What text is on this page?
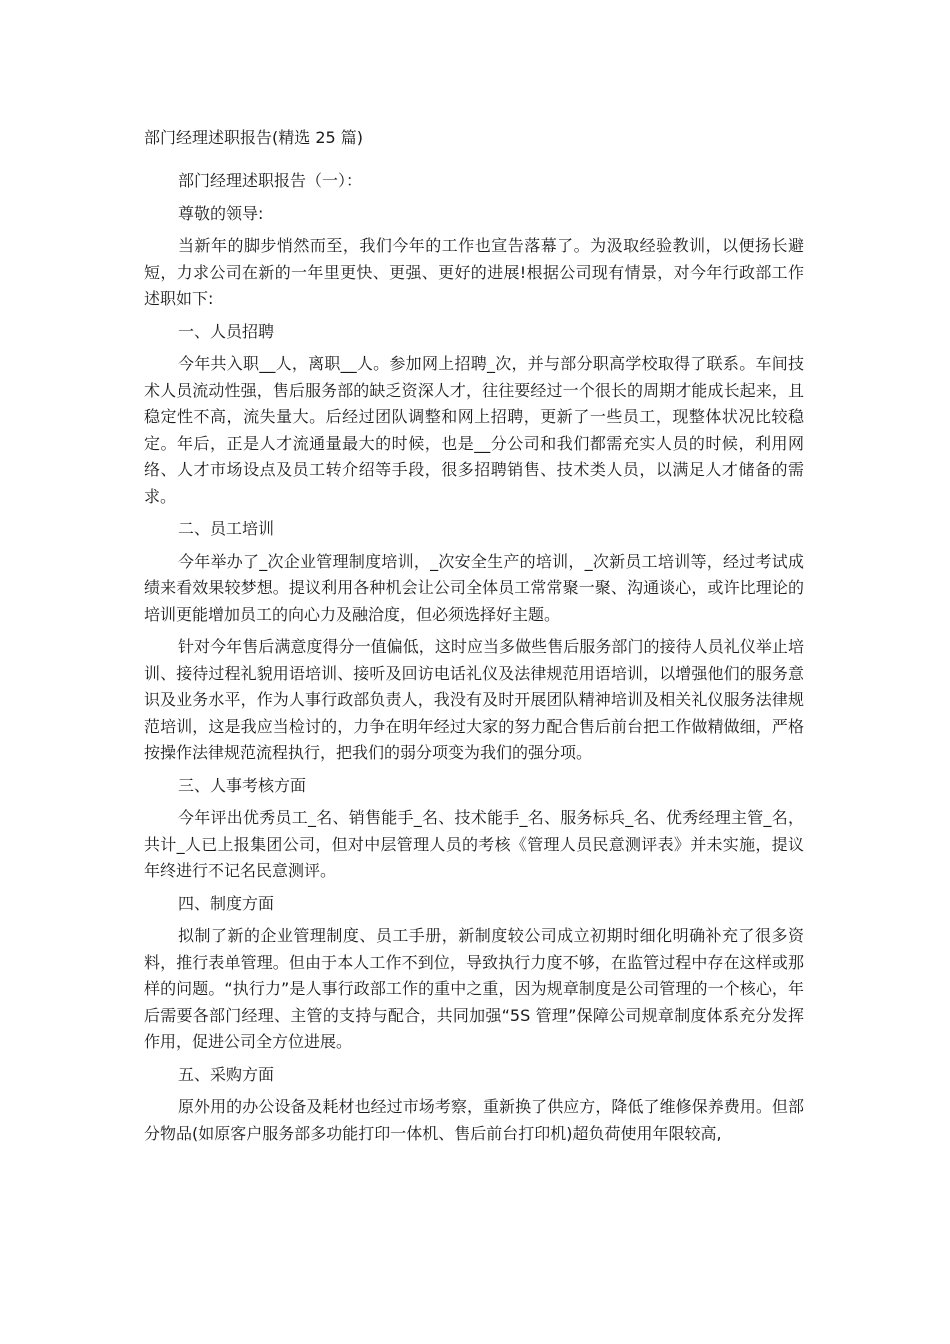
部门经理述职报告(精选 25 篇)

部门经理述职报告（一）：

尊敬的领导:

当新年的脚步悄然而至，我们今年的工作也宣告落幕了。为汲取经验教训，以便扬长避短，力求公司在新的一年里更快、更强、更好的进展!根据公司现有情景，对今年行政部工作述职如下:

一、人员招聘

今年共入职__人，离职__人。参加网上招聘_次，并与部分职高学校取得了联系。车间技术人员流动性强，售后服务部的缺乏资深人才，往往要经过一个很长的周期才能成长起来，且稳定性不高，流失量大。后经过团队调整和网上招聘，更新了一些员工，现整体状况比较稳定。年后，正是人才流通量最大的时候，也是__分公司和我们都需充实人员的时候，利用网络、人才市场设点及员工转介绍等手段，很多招聘销售、技术类人员，以满足人才储备的需求。

二、员工培训

今年举办了_次企业管理制度培训，_次安全生产的培训，_次新员工培训等，经过考试成绩来看效果较梦想。提议利用各种机会让公司全体员工常常聚一聚、沟通谈心，或许比理论的培训更能增加员工的向心力及融洽度，但必须选择好主题。

针对今年售后满意度得分一值偏低，这时应当多做些售后服务部门的接待人员礼仪举止培训、接待过程礼貌用语培训、接听及回访电话礼仪及法律规范用语培训，以增强他们的服务意识及业务水平，作为人事行政部负责人，我没有及时开展团队精神培训及相关礼仪服务法律规范培训，这是我应当检讨的，力争在明年经过大家的努力配合售后前台把工作做精做细，严格按操作法律规范流程执行，把我们的弱分项变为我们的强分项。

三、人事考核方面

今年评出优秀员工_名、销售能手_名、技术能手_名、服务标兵_名、优秀经理主管_名，共计_人已上报集团公司，但对中层管理人员的考核《管理人员民意测评表》并未实施，提议年终进行不记名民意测评。

四、制度方面

拟制了新的企业管理制度、员工手册，新制度较公司成立初期时细化明确补充了很多资料，推行表单管理。但由于本人工作不到位，导致执行力度不够，在监管过程中存在这样或那样的问题。“执行力”是人事行政部工作的重中之重，因为规章制度是公司管理的一个核心，年后需要各部门经理、主管的支持与配合，共同加强“5S 管理”保障公司规章制度体系充分发挥作用，促进公司全方位进展。

五、采购方面

原外用的办公设备及耗材也经过市场考察，重新换了供应方，降低了维修保养费用。但部分物品(如原客户服务部多功能打印一体机、售后前台打印机)超负荷使用年限较高,
